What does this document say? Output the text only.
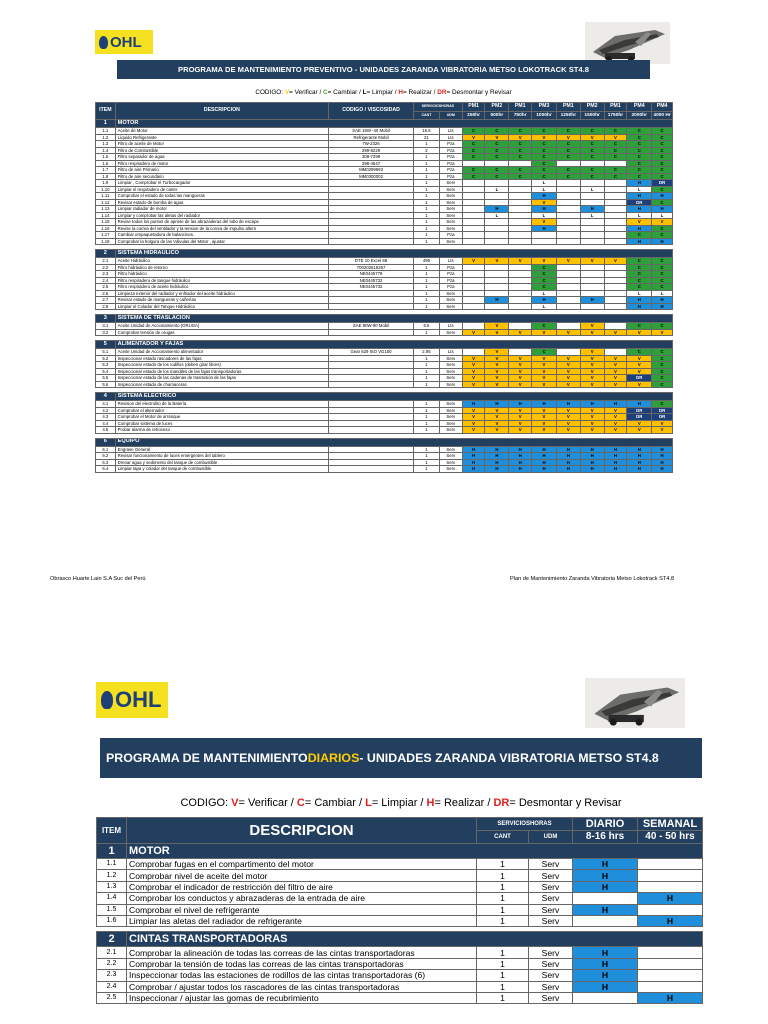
OHL
PROGRAMA DE MANTENIMIENTO PREVENTIVO - UNIDADES ZARANDA VIBRATORIA METSO LOKOTRACK ST4.8
CODIGO: V= Verificar / C= Cambiar / L= Limpiar / H= Realizar / DR= Desmontar y Revisar
ITEM	DESCRIPCION	CODIGO / VISCOSIDAD	SERVICIOSHORAS		PM1	PM2	PM1	PM3	PM1	PM2	PM1	PM4	PM4
			CANT	UDM	250hr	500hr	750hr	1000hr	1250hr	1500hr	1750hr	2000hr	4000 Hr
1	MOTOR												
1.1	Aceite de Motor	SAE 15W -40 Mobil	16.5	Lts	C	C	C	C	C	C	C	C	C
1.2	Líquido Refrigerante	Refrigerante Mobil	21	Lts	V	V	V	V	V	V	V	C	C
1.3	Filtro de aceite de Motor	7W-2326	1	Pza	C	C	C	C	C	C	C	C	C
1.4	Filtro de Combustible	299-8229	2	Pza	C	C	C	C	C	C	C	C	C
1.5	Filtro separador de agua	308-7298	1	Pza	C	C	C	C	C	C	C	C	C
1.6	Filtro respiradero de motor	298-4547	1	Pza				C				C	C
1.7	Filtro de aire Primario	MM0299993	1	Pza	C	C	C	C	C	C	C	C	C
1.8	Filtro de aire secundario	MM0300002	1	Pza	C	C	C	C	C	C	C	C	C
1.9	Limpiar , Comprobar el Turbocargador		1	Serv				L				H	DR
1.10	Limpiar el respiradero de carter		1	Serv		L		L		L		L	C
1.11	Comprobar el estado de todas las mangueras		1	Serv				H				H	H
1.12	Revisar estado de bomba de agua		1	Serv				V				DR	C
1.13	Limpiar radiador de motor		1	Serv		H		H		H		H	H
1.14	Limpiar y comprobar las aletas del radiador		1	Serv		L		L		L		L	L
1.15	Revise todos los puntos de apriete de las abrazaderas del tubo de escape		1	Serv				V				V	V
1.16	Revise la correa del ventilador y la tension de la correa de impulso altern		1	Serv				H				H	C
1.17	Cambiar empaquetadura de balancines.		1	Pza								C	C
1.18	Comprobar la holgura de las Válvulas del Motor , ajustar		1	Serv								H	H

2	SISTEMA HIDRAULICO												
2.1	Aceite Hidráulico	DTE 10 Excel 68	495	Lts	V	V	V	V	V	V	V	C	C
2.2	Filtro hidráulico de retorno	700202619257	1	Pza				C				C	C
2.3	Filtro hidráulico	NE0445778	1	Pza				C				C	C
2.4	Filtro respiradero de tanque hidráulico	NE0445732	1	Pza				C				C	C
2.5	Filtro respiradero de aceite hidráulico	NE0445732	1	Pza				C				C	C
2.6	Limpieza exterior del radiador y enfriador del aceite hidráulico		1	Serv				L				L	L
2.7	Revisar estado de mangueras y cañerías		1	Serv		H		H		H		H	H
2.8	Limpiar el Colador del Tanque Hidráulico		1	Serv				L				H	H

3	SISTEMA DE TRASLACIÓN												
3.1	Aceite Unidad de Accionamiento (ORUGA)	SAE 80W-90 Mobil	6.5	Lts		V		C		V		C	C
3.2	Comprobar tensión de orugas		1	Serv	V	V	V	V	V	V	V	V	V

5	ALIMENTADOR Y FAJAS												
5.1	Aceite Unidad de Accionamiento alimentador	Gear 629 ISO VG150	2.95	Lts		V		C		V		C	C
5.2	Inspeccionar estado rascadores de las fajas		1	Serv	V	V	V	V	V	V	V	V	C
5.3	Inspeccionar estado de los rodillos (deben girar libres)		1	Serv	V	V	V	V	V	V	V	V	C
5.4	Inspeccionar estado de los mandiles de las fajas transportadoras		1	Serv	V	V	V	V	V	V	V	V	C
5.5	Inspeccionar estado de las cadenas de trasmisión de las fajas		1	Serv	V	V	V	V	V	V	V	DR	C
5.6	Inspeccionar estado de chumaceras		1	Serv	V	V	V	V	V	V	V	V	C

4	SISTEMA ELECTRICO												
4.1	Revision del electrolito de la Batería		1	Serv	H	H	H	H	H	H	H	H	C
4.2	Comprobar el alternador		1	Serv	V	V	V	V	V	V	V	DR	DR
4.3	Comprobar el Motor de arranque		1	Serv	V	V	V	V	V	V	V	DR	DR
4.4	Comprobar sistema de luces		1	Serv	V	V	V	V	V	V	V	V	V
4.5	Probar alarma de retroceso		1	Serv	V	V	V	V	V	V	V	V	V

6	EQUIPO												
6.1	Engrase General		1	Serv	H	H	H	H	H	H	H	H	H
6.2	Revisar funcionamiento de luces emergentes del tablero		1	Serv	H	H	H	H	H	H	H	H	H
6.3	Drenar agua y sedimento del tanque de combustible		1	Serv	H	H	H	H	H	H	H	H	H
6.4	Limpiar tapa y colador del tanque de combustible		1	Serv	H	H	H	H	H	H	H	H	H
Obrasco Huarte Lain S.A Suc del Perú	Plan de Mantenimiento Zaranda Vibratoria Metso Lokotrack ST4.8
OHL
PROGRAMA DE MANTENIMIENTO DIARIOS - UNIDADES ZARANDA VIBRATORIA METSO ST4.8
CODIGO: V= Verificar / C= Cambiar / L= Limpiar / H= Realizar / DR= Desmontar y Revisar
ITEM	DESCRIPCION	SERVICIOSHORAS		DIARIO	SEMANAL
		CANT	UDM	8-16 hrs	40 - 50 hrs
1	MOTOR				
1.1	Comprobar fugas en el compartimento del motor	1	Serv	H	
1.2	Comprobar nivel de aceite del motor	1	Serv	H	
1.3	Comprobar el indicador de restricción del filtro de aire	1	Serv	H	
1.4	Comprobar los conductos y abrazaderas de la entrada de aire	1	Serv		H
1.5	Comprobar el nivel de refrigerante	1	Serv	H	
1.6	Limpiar las aletas del radiador de refrigerante	1	Serv		H

2	CINTAS TRANSPORTADORAS				
2.1	Comprobar la alineación de todas las correas de las cintas transportadoras	1	Serv	H	
2.2	Comprobar la tensión de todas las correas de las cintas transportadoras	1	Serv	H	
2.3	Inspeccionar todas las estaciones de rodillos de las cintas transportadoras (6)	1	Serv	H	
2.4	Comprobar / ajustar todos los rascadores de las cintas transportadoras	1	Serv	H	
2.5	Inspeccionar / ajustar las gomas de recubrimiento	1	Serv		H
